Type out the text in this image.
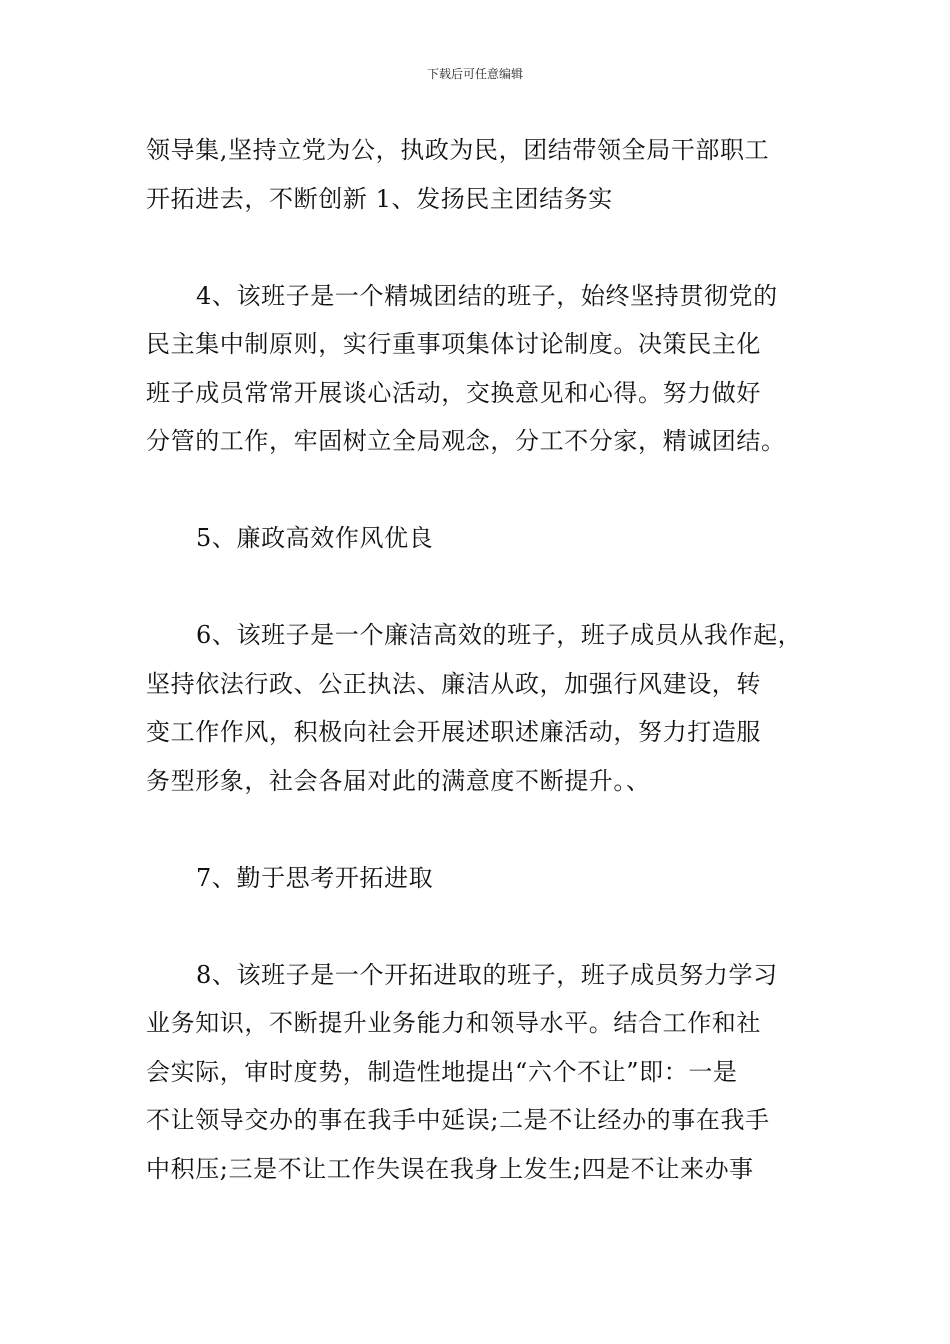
下载后可任意编辑

领导集,坚持立党为公，执政为民，团结带领全局干部职工
开拓进去，不断创新 1、发扬民主团结务实

4、该班子是一个精城团结的班子，始终坚持贯彻党的
民主集中制原则，实行重事项集体讨论制度。决策民主化
班子成员常常开展谈心活动，交换意见和心得。努力做好
分管的工作，牢固树立全局观念，分工不分家，精诚团结。

5、廉政高效作风优良

6、该班子是一个廉洁高效的班子，班子成员从我作起，
坚持依法行政、公正执法、廉洁从政，加强行风建设，转
变工作作风，积极向社会开展述职述廉活动，努力打造服
务型形象，社会各届对此的满意度不断提升。、

7、勤于思考开拓进取

8、该班子是一个开拓进取的班子，班子成员努力学习
业务知识，不断提升业务能力和领导水平。结合工作和社
会实际，审时度势，制造性地提出“六个不让”即：一是
不让领导交办的事在我手中延误;二是不让经办的事在我手
中积压;三是不让工作失误在我身上发生;四是不让来办事
